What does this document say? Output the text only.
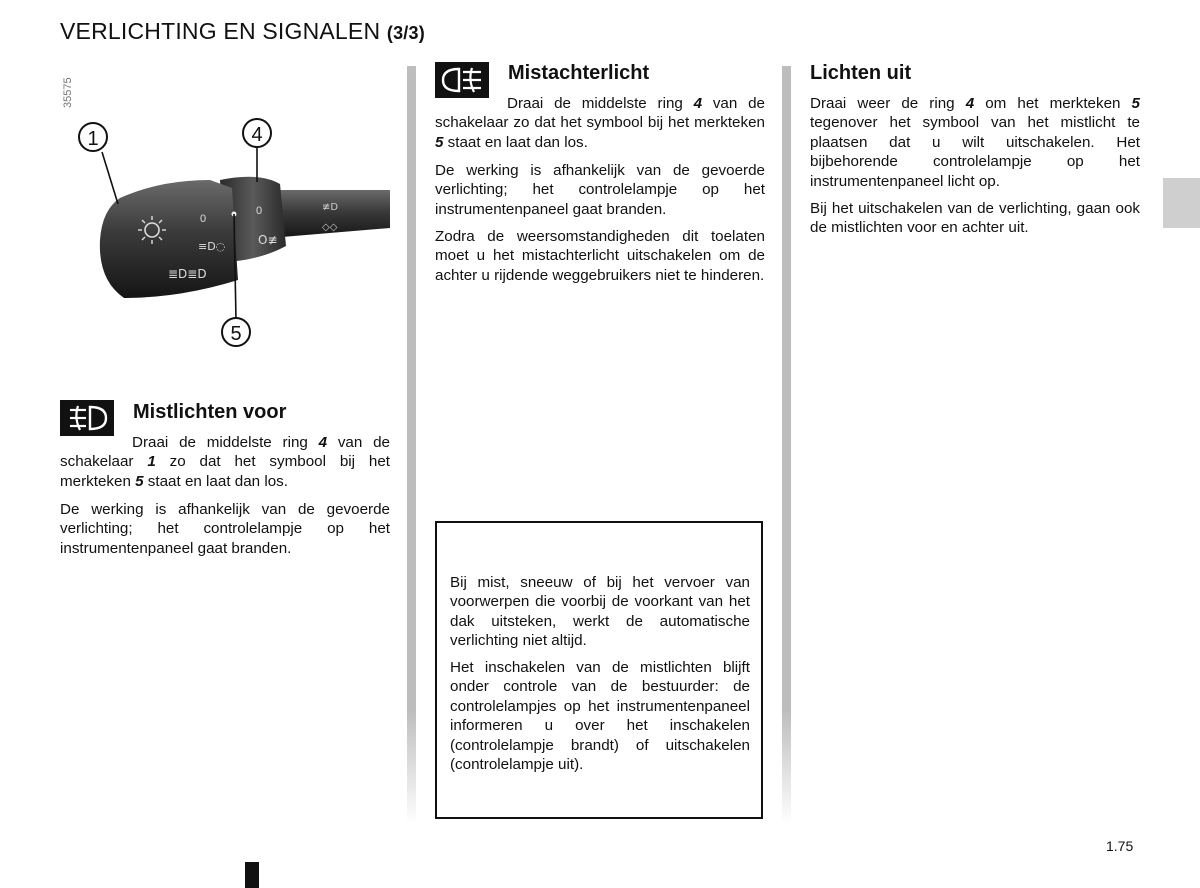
VERLICHTING EN SIGNALEN (3/3)
35575
0
0
≡D◌
≣D≣D
O≢
≢D
◇◇
1	4
5
Mistlichten voor

Draai de middelste ring 4 van de schakelaar 1 zo dat het symbool bij het merkteken 5 staat en laat dan los.

De werking is afhankelijk van de gevoerde verlichting; het controlelampje op het instrumentenpaneel gaat branden.

Mistachterlicht

Draai de middelste ring 4 van de schakelaar zo dat het symbool bij het merkteken 5 staat en laat dan los.

De werking is afhankelijk van de gevoerde verlichting; het controlelampje op het instrumentenpaneel gaat branden.

Zodra de weersomstandigheden dit toelaten moet u het mistachterlicht uitschakelen om de achter u rijdende weggebruikers niet te hinderen.

Bij mist, sneeuw of bij het vervoer van voorwerpen die voorbij de voorkant van het dak uitsteken, werkt de automatische verlichting niet altijd.

Het inschakelen van de mistlichten blijft onder controle van de bestuurder: de controlelampjes op het instrumentenpaneel informeren u over het inschakelen (controlelampje brandt) of uitschakelen (controlelampje uit).

Lichten uit

Draai weer de ring 4 om het merkteken 5 tegenover het symbool van het mistlicht te plaatsen dat u wilt uitschakelen. Het bijbehorende controlelampje op het instrumentenpaneel licht op.

Bij het uitschakelen van de verlichting, gaan ook de mistlichten voor en achter uit.

1.75
